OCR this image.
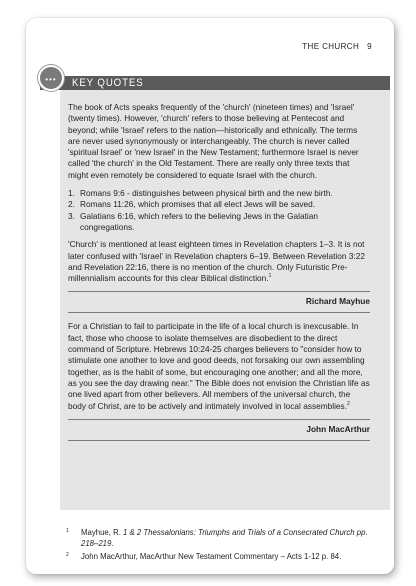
THE CHURCH 9
KEY QUOTES
•••

The book of Acts speaks frequently of the 'church' (nineteen times) and 'Israel' (twenty times). However, 'church' refers to those believing at Pentecost and beyond; while 'Israel' refers to the nation—historically and ethnically. The terms are never used synonymously or interchangeably. The church is never called 'spiritual Israel' or 'new Israel' in the New Testament; furthermore Israel is never called 'the church' in the Old Testament. There are really only three texts that might even remotely be considered to equate Israel with the church.

1. Romans 9:6 - distinguishes between physical birth and the new birth.
2. Romans 11:26, which promises that all elect Jews will be saved.
3. Galatians 6:16, which refers to the believing Jews in the Galatian congregations.

'Church' is mentioned at least eighteen times in Revelation chapters 1–3. It is not later confused with 'Israel' in Revelation chapters 6–19. Between Revelation 3:22 and Revelation 22:16, there is no mention of the church. Only Futuristic Pre-millennialism accounts for this clear Biblical distinction.$^1$

Richard Mayhue

For a Christian to fail to participate in the life of a local church is inexcusable. In fact, those who choose to isolate themselves are disobedient to the direct command of Scripture. Hebrews 10:24-25 charges believers to "consider how to stimulate one another to love and good deeds, not forsaking our own assembling together, as is the habit of some, but encouraging one another; and all the more, as you see the day drawing near." The Bible does not envision the Christian life as one lived apart from other believers. All members of the universal church, the body of Christ, are to be actively and intimately involved in local assemblies.$^2$

John MacArthur
1 Mayhue, R. 1 & 2 Thessalonians: Triumphs and Trials of a Consecrated Church pp. 218–219.
2 John MacArthur, MacArthur New Testament Commentary – Acts 1-12 p. 84.
